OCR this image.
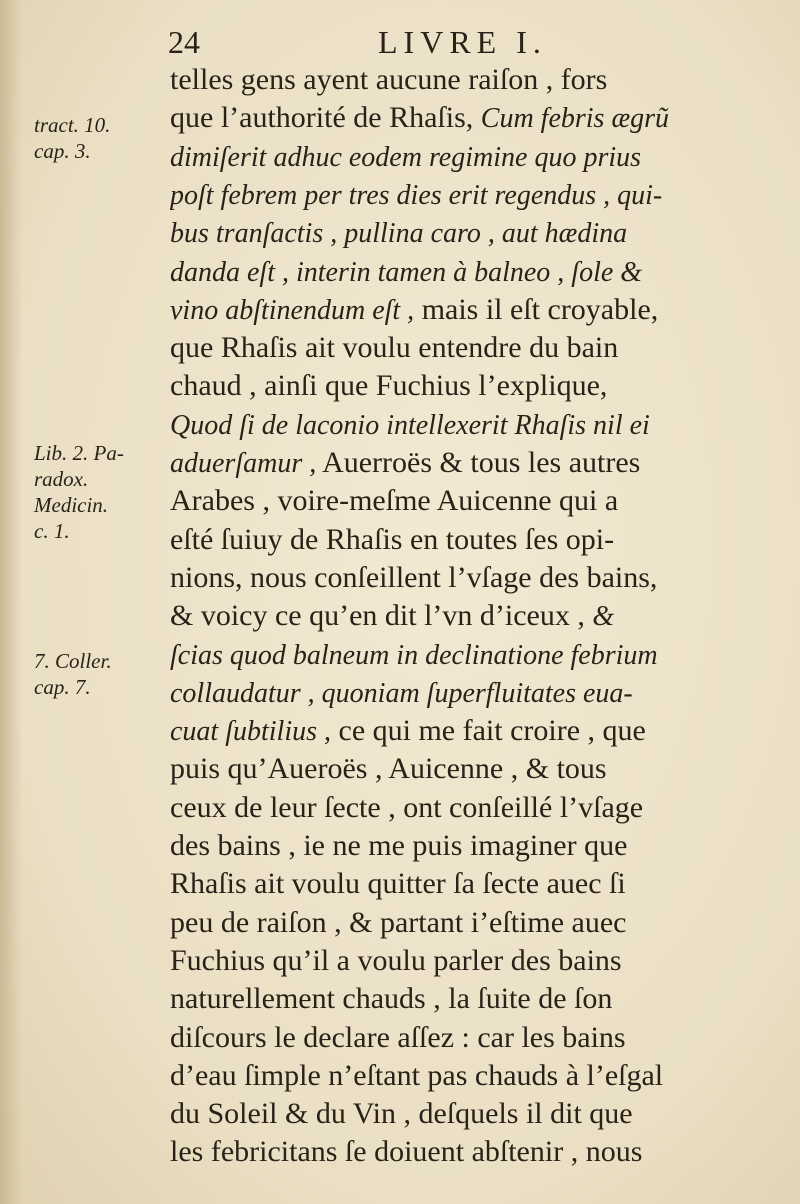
24	LIVRE I.
tract. 10.
cap. 3.
Lib. 2. Pa-
radox.
Medicin.
c. 1.
7. Coller.
cap. 7.
telles gens ayent aucune raiſon , fors
que l’authorité de Rhaſis, Cum febris ægrũ
dimiſerit adhuc eodem regimine quo prius
poſt febrem per tres dies erit regendus , qui-
bus tranſactis , pullina caro , aut hædina
danda eſt , interin tamen à balneo , ſole &
vino abſtinendum eſt , mais il eſt croyable,
que Rhaſis ait voulu entendre du bain
chaud , ainſi que Fuchius l’explique,
Quod ſi de laconio intellexerit Rhaſis nil ei
aduerſamur , Auerroës & tous les autres
Arabes , voire-meſme Auicenne qui a
eſté ſuiuy de Rhaſis en toutes ſes opi-
nions, nous conſeillent l’vſage des bains,
& voicy ce qu’en dit l’vn d’iceux , &
ſcias quod balneum in declinatione febrium
collaudatur , quoniam ſuperfluitates eua-
cuat ſubtilius , ce qui me fait croire , que
puis qu’Aueroës , Auicenne , & tous
ceux de leur ſecte , ont conſeillé l’vſage
des bains , ie ne me puis imaginer que
Rhaſis ait voulu quitter ſa ſecte auec ſi
peu de raiſon , & partant i’eſtime auec
Fuchius qu’il a voulu parler des bains
naturellement chauds , la ſuite de ſon
diſcours le declare aſſez : car les bains
d’eau ſimple n’eſtant pas chauds à l’eſgal
du Soleil & du Vin , deſquels il dit que
les febricitans ſe doiuent abſtenir , nous
